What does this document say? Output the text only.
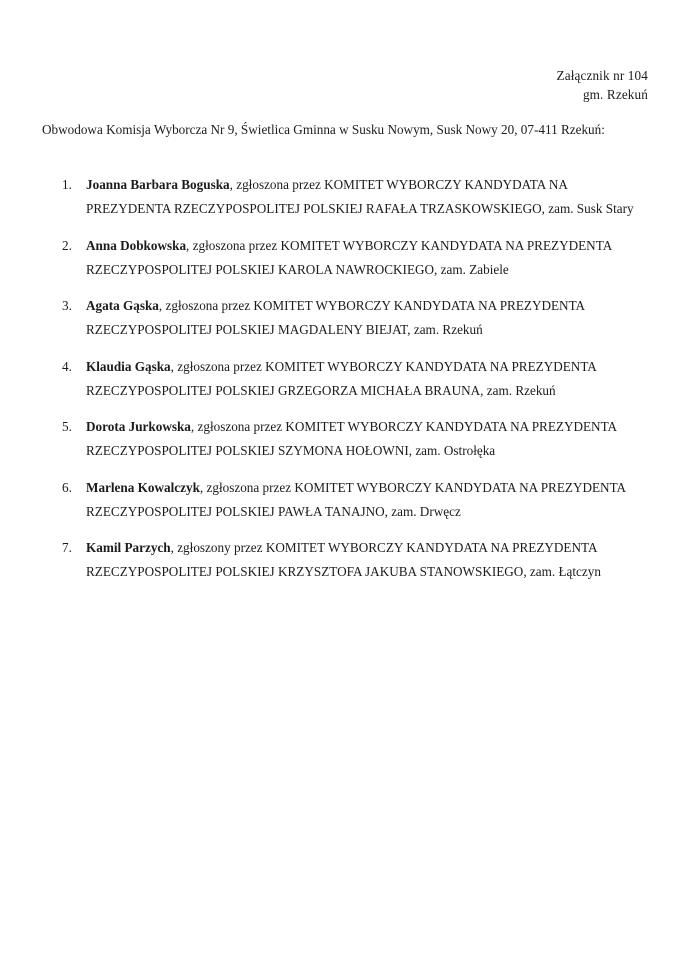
Załącznik nr 104
gm. Rzekuń
Obwodowa Komisja Wyborcza Nr 9, Świetlica Gminna w Susku Nowym, Susk Nowy 20, 07-411 Rzekuń:
1.	Joanna Barbara Boguska, zgłoszona przez KOMITET WYBORCZY KANDYDATA NA PREZYDENTA RZECZYPOSPOLITEJ POLSKIEJ RAFAŁA TRZASKOWSKIEGO, zam. Susk Stary
2.	Anna Dobkowska, zgłoszona przez KOMITET WYBORCZY KANDYDATA NA PREZYDENTA RZECZYPOSPOLITEJ POLSKIEJ KAROLA NAWROCKIEGO, zam. Zabiele
3.	Agata Gąska, zgłoszona przez KOMITET WYBORCZY KANDYDATA NA PREZYDENTA RZECZYPOSPOLITEJ POLSKIEJ MAGDALENY BIEJAT, zam. Rzekuń
4.	Klaudia Gąska, zgłoszona przez KOMITET WYBORCZY KANDYDATA NA PREZYDENTA RZECZYPOSPOLITEJ POLSKIEJ GRZEGORZA MICHAŁA BRAUNA, zam. Rzekuń
5.	Dorota Jurkowska, zgłoszona przez KOMITET WYBORCZY KANDYDATA NA PREZYDENTA RZECZYPOSPOLITEJ POLSKIEJ SZYMONA HOŁOWNI, zam. Ostrołęka
6.	Marlena Kowalczyk, zgłoszona przez KOMITET WYBORCZY KANDYDATA NA PREZYDENTA RZECZYPOSPOLITEJ POLSKIEJ PAWŁA TANAJNO, zam. Drwęcz
7.	Kamil Parzych, zgłoszony przez KOMITET WYBORCZY KANDYDATA NA PREZYDENTA RZECZYPOSPOLITEJ POLSKIEJ KRZYSZTOFA JAKUBA STANOWSKIEGO, zam. Łątczyn
